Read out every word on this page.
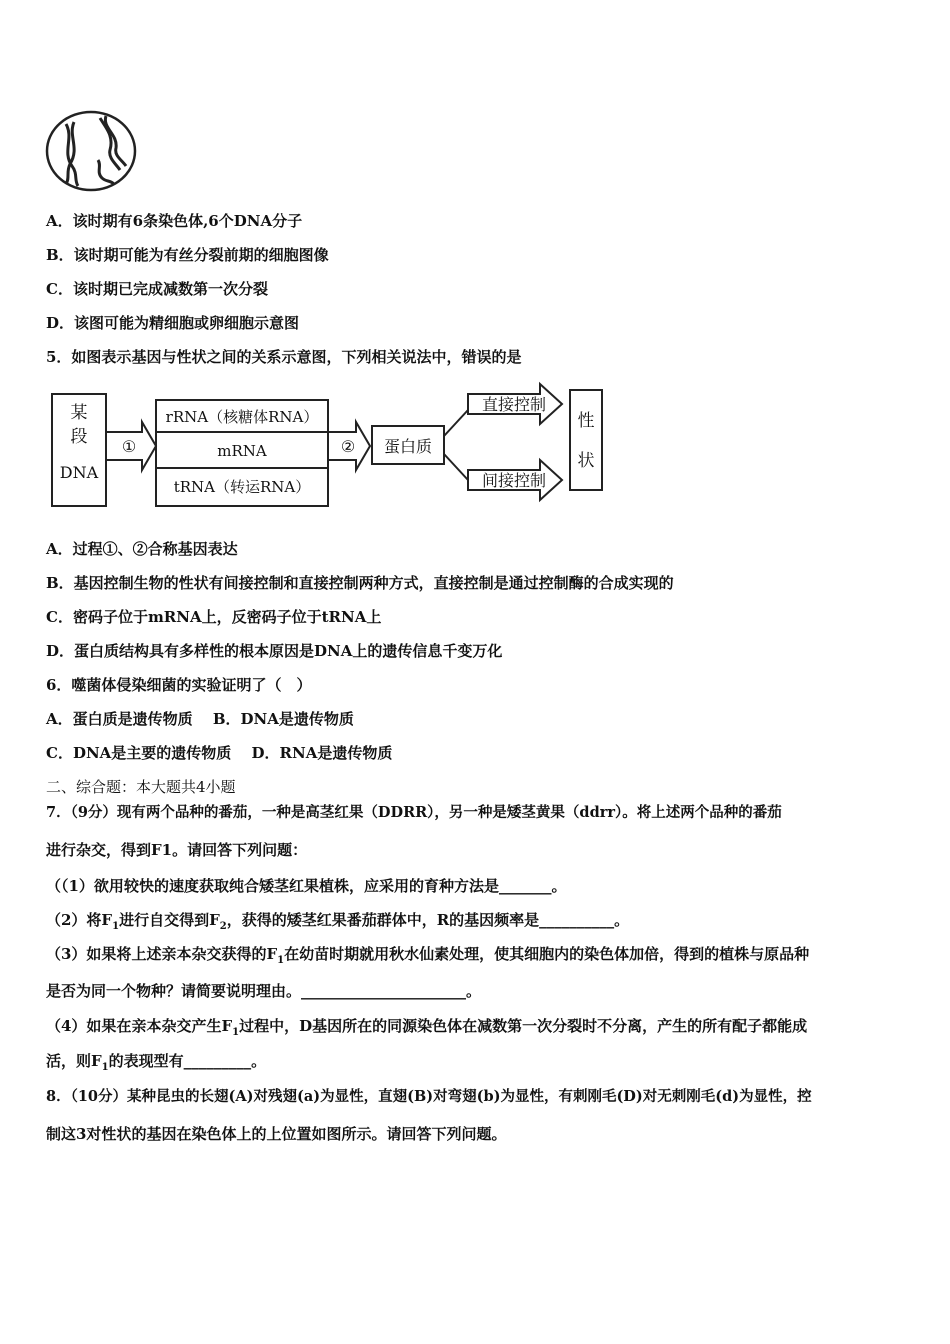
A．该时期有6条染色体,6个DNA分子
B．该时期可能为有丝分裂前期的细胞图像
C．该时期已完成减数第一次分裂
D．该图可能为精细胞或卵细胞示意图
5．如图表示基因与性状之间的关系示意图，下列相关说法中，错误的是
某
段
DNA
①
rRNA（核糖体RNA）
mRNA
tRNA（转运RNA）
② 蛋白质
直接控制
间接控制
性
状
A．过程①、②合称基因表达
B．基因控制生物的性状有间接控制和直接控制两种方式，直接控制是通过控制酶的合成实现的
C．密码子位于mRNA上，反密码子位于tRNA上
D．蛋白质结构具有多样性的根本原因是DNA上的遗传信息千变万化
6．噬菌体侵染细菌的实验证明了（　）
A．蛋白质是遗传物质　 B．DNA是遗传物质
C．DNA是主要的遗传物质　 D．RNA是遗传物质
二、综合题：本大题共4小题
7．（9分）现有两个品种的番茄，一种是高茎红果（DDRR），另一种是矮茎黄果（ddrr）。将上述两个品种的番茄
进行杂交，得到F1。请回答下列问题：
（（1）欲用较快的速度获取纯合矮茎红果植株，应采用的育种方法是_______。
（2）将$F_1$进行自交得到$F_2$，获得的矮茎红果番茄群体中，R的基因频率是__________。
（3）如果将上述亲本杂交获得的$F_1$在幼苗时期就用秋水仙素处理，使其细胞内的染色体加倍，得到的植株与原品种
是否为同一个物种？请简要说明理由。______________________。
（4）如果在亲本杂交产生$F_1$过程中，D基因所在的同源染色体在减数第一次分裂时不分离，产生的所有配子都能成
活，则$F_1$的表现型有_________。
8．（10分）某种昆虫的长翅(A)对残翅(a)为显性，直翅(B)对弯翅(b)为显性，有刺刚毛(D)对无刺刚毛(d)为显性，控
制这3对性状的基因在染色体上的上位置如图所示。请回答下列问题。
